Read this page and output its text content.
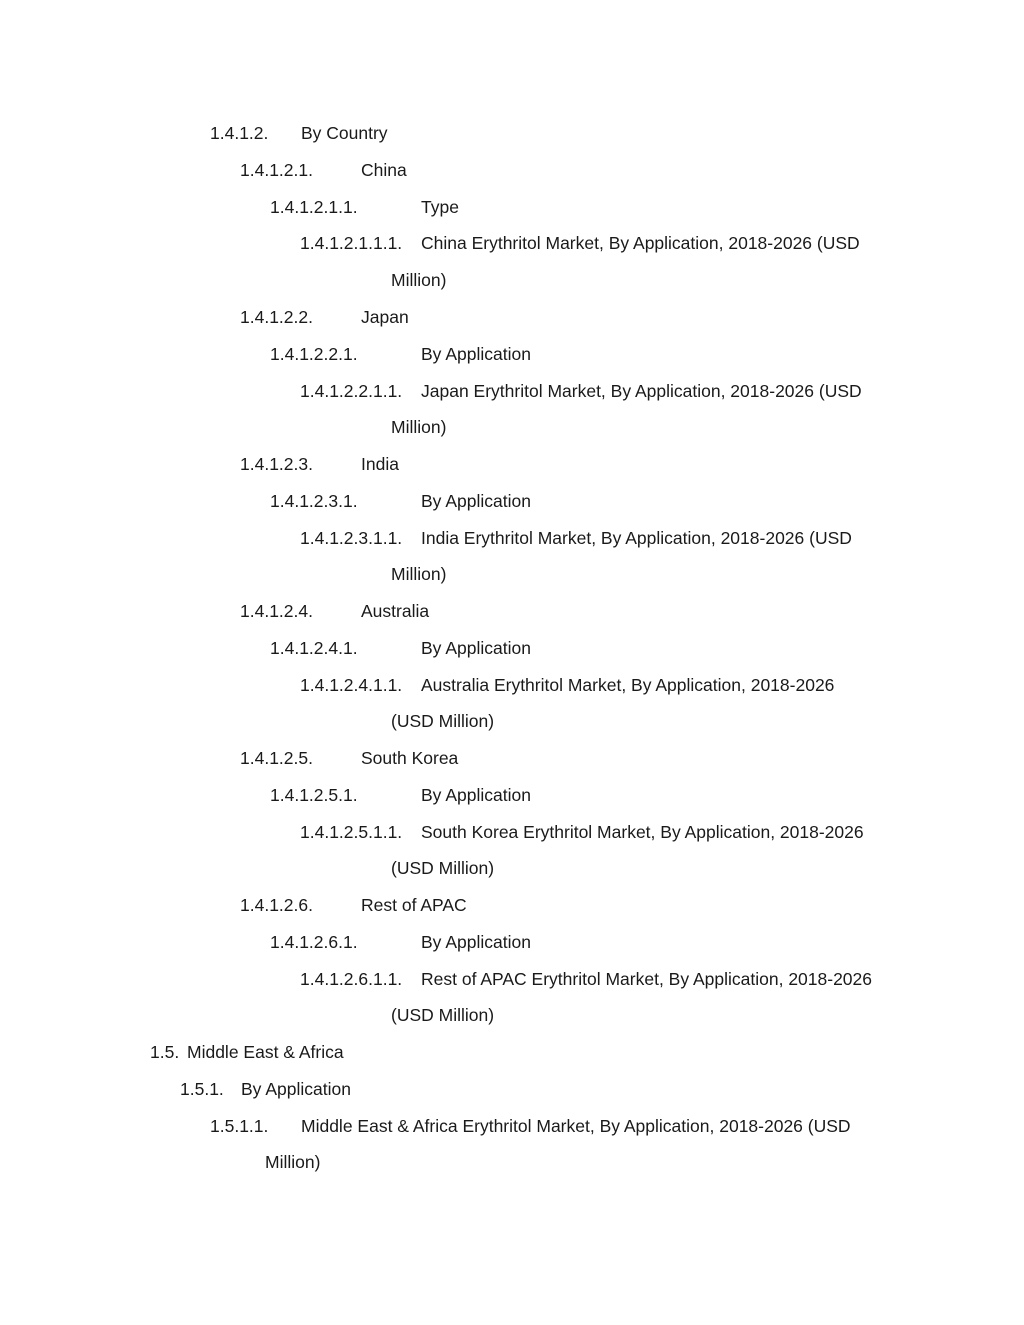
1.4.1.2. By Country
1.4.1.2.1.	China
1.4.1.2.1.1.	Type
1.4.1.2.1.1.1. China Erythritol Market, By Application, 2018-2026 (USD
Million)
1.4.1.2.2.	Japan
1.4.1.2.2.1.	By Application
1.4.1.2.2.1.1. Japan Erythritol Market, By Application, 2018-2026 (USD
Million)
1.4.1.2.3.	India
1.4.1.2.3.1.	By Application
1.4.1.2.3.1.1. India Erythritol Market, By Application, 2018-2026 (USD
Million)
1.4.1.2.4.	Australia
1.4.1.2.4.1.	By Application
1.4.1.2.4.1.1. Australia Erythritol Market, By Application, 2018-2026
(USD Million)
1.4.1.2.5.	South Korea
1.4.1.2.5.1.	By Application
1.4.1.2.5.1.1. South Korea Erythritol Market, By Application, 2018-2026
(USD Million)
1.4.1.2.6.	Rest of APAC
1.4.1.2.6.1.	By Application
1.4.1.2.6.1.1. Rest of APAC Erythritol Market, By Application, 2018-2026
(USD Million)
1.5. Middle East & Africa
1.5.1. By Application
1.5.1.1. Middle East & Africa Erythritol Market, By Application, 2018-2026 (USD
Million)
